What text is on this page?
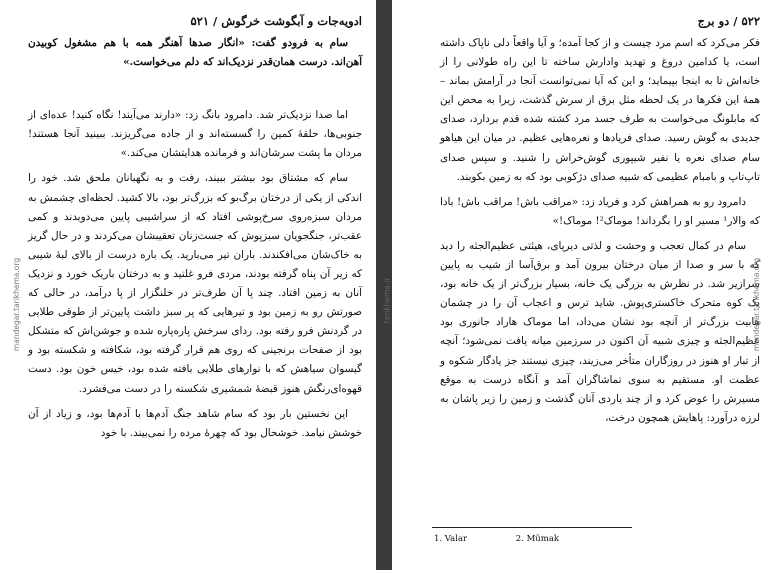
ادویه‌جات و آبگوشت خرگوش / ۵۲۱

سام به فرودو گفت: «انگار صدها آهنگر همه با هم مشغول کوبیدن آهن‌اند. درست همان‌قدر نزدیک‌اند که دلم می‌خواست.»

اما صدا نزدیک‌تر شد. دامرود بانگ زد: «دارند می‌آیند! نگاه کنید! عده‌ای از جنوبی‌ها، حلقهٔ کمین را گسسته‌اند و از جاده می‌گریزند. ببینید آنجا هستند! مردان ما پشت سرشان‌اند و فرمانده هدایتشان می‌کند.»

سام که مشتاق بود بیشتر ببیند، رفت و به نگهبانان ملحق شد. خود را اندکی از یکی از درختان برگ‌بو که بزرگ‌تر بود، بالا کشید. لحظه‌ای چشمش به مردان سبزه‌روی سرخ‌پوشی افتاد که از سراشیبی پایین می‌دویدند و کمی عقب‌تر، جنگجویان سبزپوش که جست‌زنان تعقیبشان می‌کردند و در حال گریز به خاک‌شان می‌افکندند. باران تیر می‌بارید. یک باره درست از بالای لبهٔ شیبی که زیر آن پناه گرفته بودند، مردی فرو غلتید و به درختان باریک خورد و نزدیک آنان به زمین افتاد. چند پا آن طرف‌تر در خلنگزار از پا درآمد، در حالی که صورتش رو به زمین بود و تیرهایی که پر سبز داشت پایین‌تر از طوقی طلایی در گردنش فرو رفته بود. ردای سرخش پاره‌پاره شده و جوشن‌اش که متشکل بود از صفحات برنجینی که روی هم قرار گرفته بود، شکافته و شکسته بود و گیسوان سیاهش که با نوارهای طلایی بافته شده بود، خیس خون بود. دست قهوه‌ای‌رنگش هنوز قبضهٔ شمشیری شکسته را در دست می‌فشرد.

این نخستین بار بود که سام شاهد جنگ آدم‌ها با آدم‌ها بود، و زیاد از آن خوشش نیامد. خوشحال بود که چهرهٔ مرده را نمی‌بیند. با خود

mandegar.tarikhema.org	tarikhema.ir
۵۲۲ / دو برج

فکر می‌کرد که اسم مرد چیست و از کجا آمده؛ و آیا واقعاً دلی ناپاک داشته است، یا کدامین دروغ و تهدید وادارش ساخته تا این راه طولانی را از خانه‌اش تا به اینجا بپیماید؛ و این که آیا نمی‌توانست آنجا در آرامش بماند – همهٔ این فکرها در یک لحظه مثل برق از سرش گذشت، زیرا به محض این که مابلونگ می‌خواست به طرف جسد مرد کشته شده قدم بردارد، صدای جدیدی به گوش رسید. صدای فریادها و نعره‌هایی عظیم. در میان این هیاهو سام صدای نعره یا نفیر شیپوری گوش‌خراش را شنید. و سپس صدای تاپ‌تاپ و بامبام عظیمی که شبیه صدای دژکوبی بود که به زمین بکوبند.

دامرود رو به همراهش کرد و فریاد زد: «مراقب باش! مراقب باش! بادا که والار¹ مسیر او را بگرداند! موماک²! موماک!»

سام در کمال تعجب و وحشت و لذتی دیرپای، هیئتی عظیم‌الجثه را دید که با سر و صدا از میان درختان بیرون آمد و برق‌آسا از شیب به پایین سرازیر شد. در نظرش به بزرگی یک خانه، بسیار بزرگ‌تر از یک خانه بود، یک کوه متحرک خاکستری‌پوش. شاید ترس و اعجاب آن را در چشمان هابیت بزرگ‌تر از آنچه بود نشان می‌داد، اما موماک هاراد جانوری بود عظیم‌الجثه و چیزی شبیه آن اکنون در سرزمین میانه یافت نمی‌شود؛ آنچه از تبار او هنوز در روزگاران متأخر می‌زیند، چیزی نیستند جز یادگار شکوه و عظمت او. مستقیم به سوی تماشاگران آمد و آنگاه درست به موقع مسیرش را عوض کرد و از چند یاردی آنان گذشت و زمین را زیر پاشان به لرزه درآورد: پاهایش همچون درخت،

mandegar.tarikhema.org
1. Valar	2. Mûmak
